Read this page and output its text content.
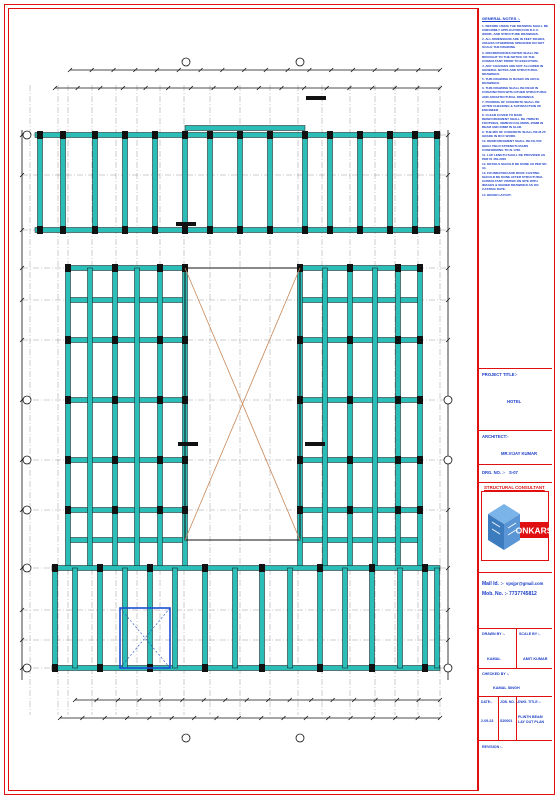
GENERAL NOTES :-
1. BEFORE USING THE DRAWING SHALL BE UNIFORMLY APPLICATION FOR R.C.C. WORK, AND STRUCTURE DRAWINGS.
2. ALL DIMENSIONS ARE IN FEET INCHES, UNLESS OTHERWISE SPECIFIED DO NOT SCALE THE DRAWING
3. DISCREPANCIES NOTED SHALL BE BROUGHT TO THE NOTICE OF THE CONSULTANT PRIOR TO EXECUTION.
4. ANY CHANGES ARE NOT ALLOWED IN GENERAL NOTES AND STRUCTURAL DRAWINGS.
5. THIS DRAWING IS BASED ON ARCH. DRAWINGS.
6. THIS DRAWING SHALL BE READ IN CONJUNCTION WITH OTHER STRUCTURAL AND ARCHITECTURAL DRAWINGS
7. POURING OF CONCRETE SHALL BE AFTER CHECKING & SATISFACTION OF ENGINEER.
8. CLEAR COVER TO MAIN REINFORCEMENT SHALL BE 75MM IN FOOTINGS, 40MM IN COLUMNS, 25MM IN BEAM AND 20MM IN SLAB.
9. THE MIX OF CONCRETE SHALL BE M-25 GRADE IN RCC WORK.
10. REINFORCEMENT SHALL BE FE-500 (HIGH YIELD STRENGTH BARS CONFORMING TO IS 1786.
11. LAP LENGTH SHALL BE PROVIDED AS PER IS 456-2000
12. DETAILS SHOULD BE DONE AS PER SP-34.
13. FOUNDATION AND ROOF CASTING SHOULD BE DONE AFTER STRUCTURAL CONSULTANT VISITED ON SITE WITH IMAGES & SIGNED DRAWINGS AS ON CASTING DATE.
14. REFER LAYOUT.
PROJECT TITLE:-
HOTEL
ARCHITECT:-
MR.VIJAY KUMAR
DRG. NO. :- S-07
STRUCTURAL CONSULTANT
ONKARS
Mail Id. :- vpsjpr@gmail.com
Mob. No. :- 7737745812
DRAWN BY :-
KAMAL
SCALE BY :-
AMIT KUMAR
CHECKED BY :-
KAMAL SINGH
DATE:-
2-09-23
JOB. NO. :-
S20001
DWG. TITLE :-
PLINTH BEAM LAY OUT PLAN
REVISION :-
